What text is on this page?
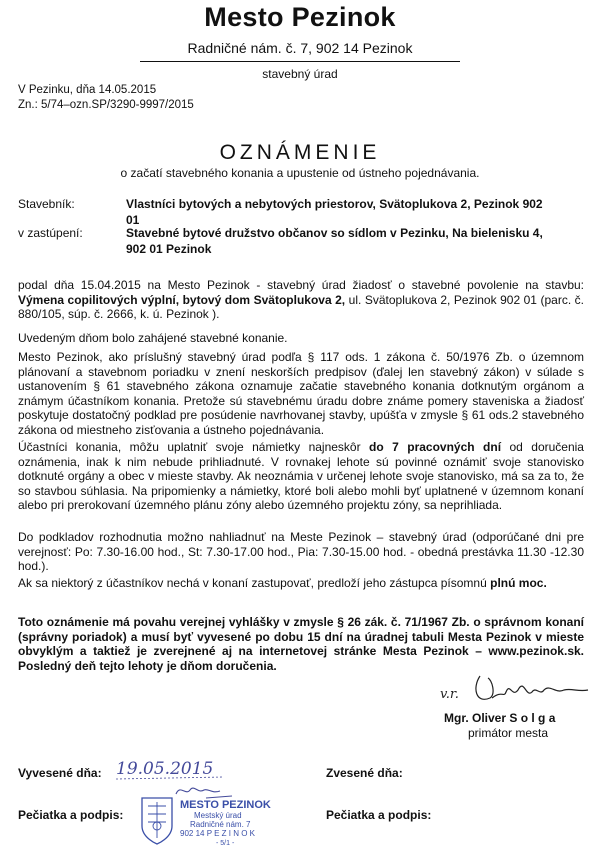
Mesto Pezinok
Radničné nám. č. 7, 902 14 Pezinok
stavebný úrad
V Pezinku, dňa 14.05.2015
Zn.: 5/74–ozn.SP/3290-9997/2015
OZNÁMENIE
o začatí stavebného konania a upustenie od ústneho pojednávania.
Stavebník:	Vlastníci bytových a nebytových priestorov, Svätoplukova 2, Pezinok 902 01
v zastúpení:	Stavebné bytové družstvo občanov so sídlom v Pezinku, Na bielenisku 4,
902 01 Pezinok
podal dňa 15.04.2015 na Mesto Pezinok - stavebný úrad žiadosť o stavebné povolenie na stavbu: Výmena copilitových výplní, bytový dom Svätoplukova 2, ul. Svätoplukova 2, Pezinok 902 01 (parc. č. 880/105, súp. č. 2666, k. ú. Pezinok ).
Uvedeným dňom bolo zahájené stavebné konanie.
Mesto Pezinok, ako príslušný stavebný úrad podľa § 117 ods. 1 zákona č. 50/1976 Zb. o územnom plánovaní a stavebnom poriadku v znení neskorších predpisov (ďalej len stavebný zákon) v súlade s ustanovením § 61 stavebného zákona oznamuje začatie stavebného konania dotknutým orgánom a známym účastníkom konania. Pretože sú stavebnému úradu dobre známe pomery staveniska a žiadosť poskytuje dostatočný podklad pre posúdenie navrhovanej stavby, upúšťa v zmysle § 61 ods.2 stavebného zákona od miestneho zisťovania a ústneho pojednávania.
Účastníci konania, môžu uplatniť svoje námietky najneskôr do 7 pracovných dní od doručenia oznámenia, inak k nim nebude prihliadnuté. V rovnakej lehote sú povinné oznámiť svoje stanovisko dotknuté orgány a obec v mieste stavby. Ak neoznámia v určenej lehote svoje stanovisko, má sa za to, že so stavbou súhlasia. Na pripomienky a námietky, ktoré boli alebo mohli byť uplatnené v územnom konaní alebo pri prerokovaní územného plánu zóny alebo územného projektu zóny, sa neprihliada.
Do podkladov rozhodnutia možno nahliadnuť na Meste Pezinok – stavebný úrad (odporúčané dni pre verejnosť: Po: 7.30-16.00 hod., St: 7.30-17.00 hod., Pia: 7.30-15.00 hod. - obedná prestávka 11.30 -12.30 hod.).
Ak sa niektorý z účastníkov nechá v konaní zastupovať, predloží jeho zástupca písomnú plnú moc.
Toto oznámenie má povahu verejnej vyhlášky v zmysle § 26 zák. č. 71/1967 Zb. o správnom konaní (správny poriadok) a musí byť vyvesené po dobu 15 dní na úradnej tabuli Mesta Pezinok v mieste obvyklým a taktiež je zverejnené aj na internetovej stránke Mesta Pezinok – www.pezinok.sk. Posledný deň tejto lehoty je dňom doručenia.
v.r.
Mgr. Oliver S o l g a
primátor mesta
Vyvesené dňa: 19.05.2015	Zvesené dňa:
Pečiatka a podpis:	Pečiatka a podpis:
MESTO PEZINOK
Mestský úrad
Radničné nám. 7
902 14 P E Z I N O K
- 5/1 -
